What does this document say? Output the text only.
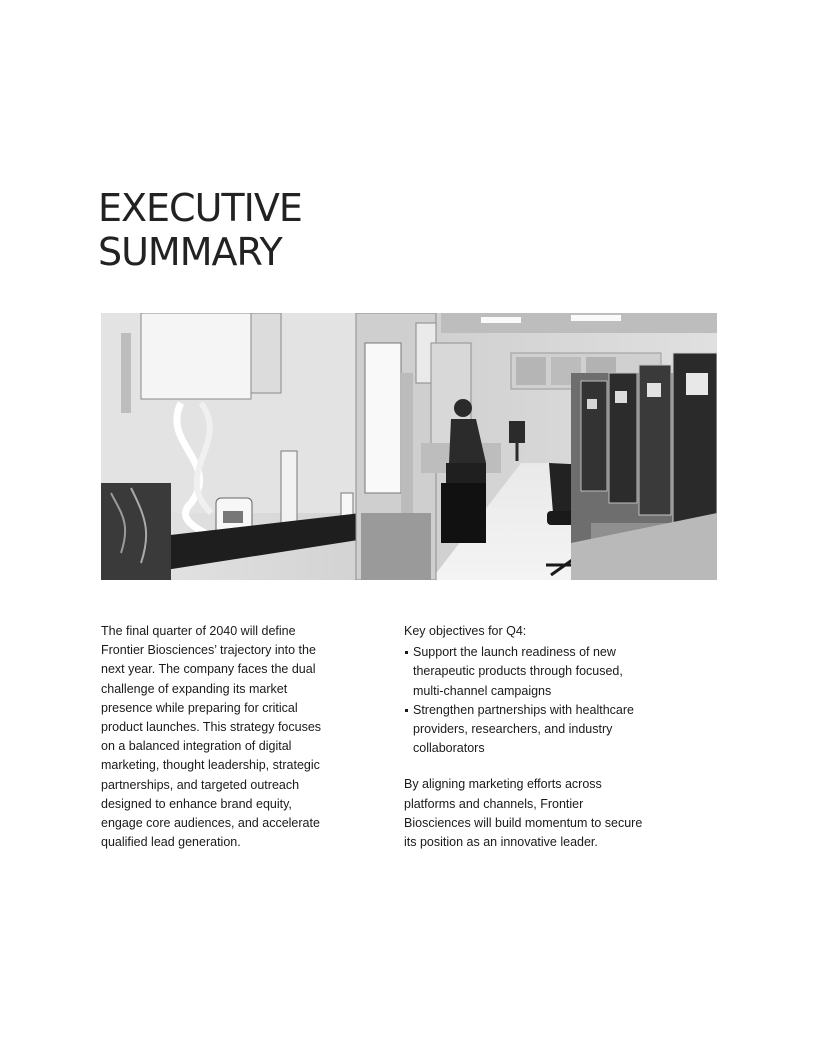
EXECUTIVE
SUMMARY

The final quarter of 2040 will define Frontier Biosciences’ trajectory into the next year. The company faces the dual challenge of expanding its market presence while preparing for critical product launches. This strategy focuses on a balanced integration of digital marketing, thought leadership, strategic partnerships, and targeted outreach designed to enhance brand equity, engage core audiences, and accelerate qualified lead generation.

Key objectives for Q4:

Support the launch readiness of new therapeutic products through focused, multi-channel campaigns
Strengthen partnerships with healthcare providers, researchers, and industry collaborators

By aligning marketing efforts across platforms and channels, Frontier Biosciences will build momentum to secure its position as an innovative leader.
